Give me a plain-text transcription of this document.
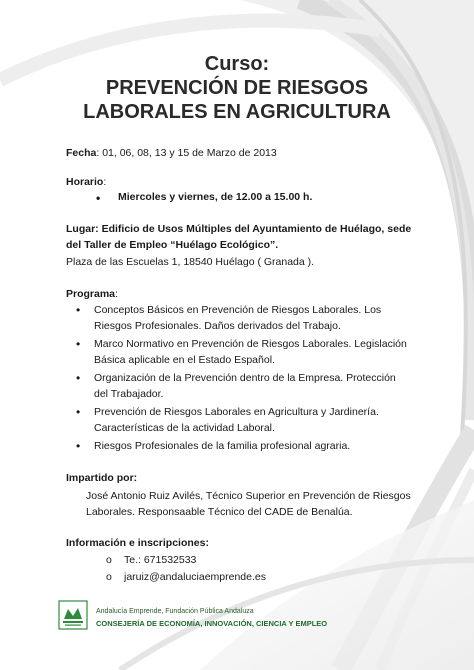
Curso:
PREVENCIÓN DE RIESGOS
LABORALES EN AGRICULTURA
Fecha: 01, 06, 08, 13 y 15 de Marzo de 2013
Horario:
• Miercoles y viernes, de 12.00 a 15.00 h.
Lugar: Edificio de Usos Múltiples del Ayuntamiento de Huélago, sede
del Taller de Empleo “Huélago Ecológico”.
Plaza de las Escuelas 1, 18540 Huélago ( Granada ).
Programa:
• Conceptos Básicos en Prevención de Riesgos Laborales. Los Riesgos Profesionales. Daños derivados del Trabajo.
• Marco Normativo en Prevención de Riesgos Laborales. Legislación Básica aplicable en el Estado Español.
• Organización de la Prevención dentro de la Empresa. Protección del Trabajador.
• Prevención de Riesgos Laborales en Agricultura y Jardinería. Características de la actividad Laboral.
• Riesgos Profesionales de la familia profesional agraria.
Impartido por:
José Antonio Ruiz Avilés, Técnico Superior en Prevención de Riesgos
Laborales. Responsaable Técnico del CADE de Benalúa.
Información e inscripciones:
o Te.: 671532533
o jaruiz@andaluciaemprende.es
Andalucía Emprende, Fundación Pública Andaluza
CONSEJERÍA DE ECONOMÍA, INNOVACIÓN, CIENCIA Y EMPLEO
